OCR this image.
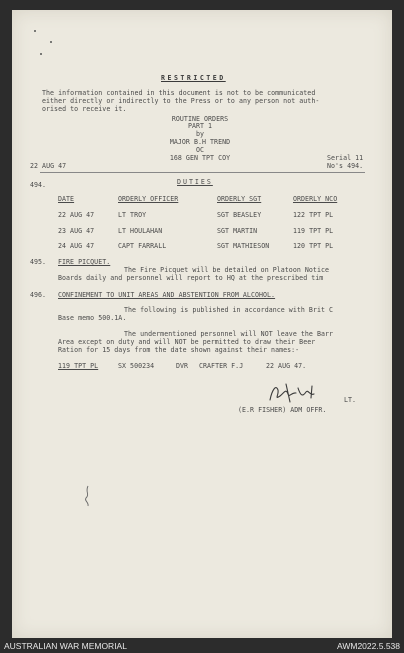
RESTRICTED
The information contained in this document is not to be communicated
either directly or indirectly to the Press or to any person not auth-
orised to receive it.
ROUTINE ORDERS
PART 1
by
MAJOR B.H TREND
OC
168 GEN TPT COY
22 AUG 47
Serial 11
No's 494.
494.	DUTIES
DATE	ORDERLY OFFICER	ORDERLY SGT	ORDERLY NCO
22 AUG 47	LT TROY	SGT BEASLEY	122 TPT PL
23 AUG 47	LT HOULAHAN	SGT MARTIN	119 TPT PL
24 AUG 47	CAPT FARRALL	SGT MATHIESON	120 TPT PL
495. FIRE PICQUET.
The Fire Picquet will be detailed on Platoon Notice
Boards daily and personnel will report to HQ at the prescribed tim
496. CONFINEMENT TO UNIT AREAS AND ABSTENTION FROM ALCOHOL.
The following is published in accordance with Brit C
Base memo 500.1A.
The undermentioned personnel will NOT leave the Barr
Area except on duty and will NOT be permitted to draw their Beer
Ration for 15 days from the date shown against their names:-
119 TPT PL	SX 500234	DVR CRAFTER F.J	22 AUG 47.
LT.
(E.R FISHER) ADM OFFR.
AUSTRALIAN WAR MEMORIAL	AWM2022.5.538
